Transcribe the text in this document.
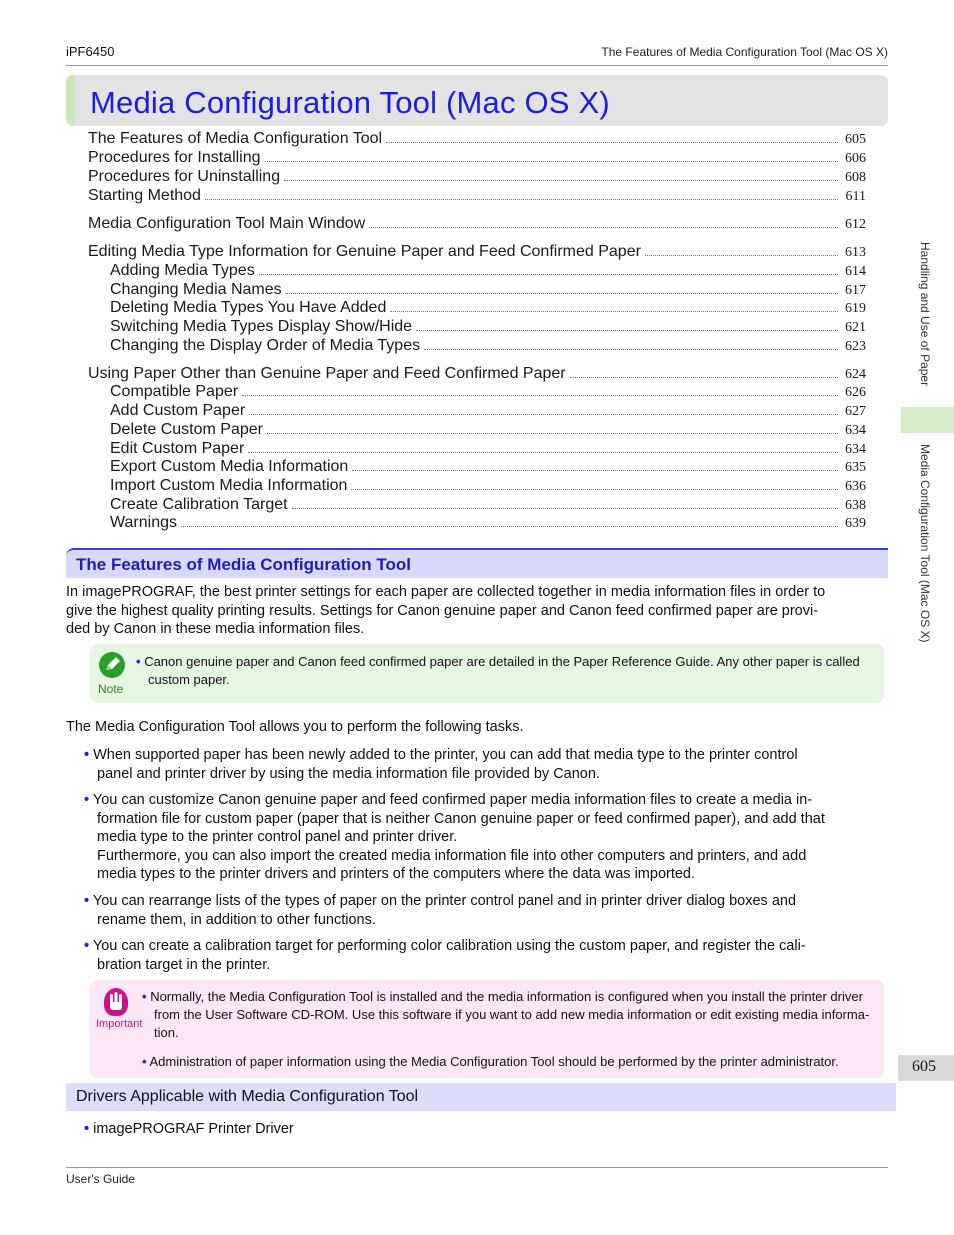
iPF6450	The Features of Media Configuration Tool (Mac OS X)
Media Configuration Tool (Mac OS X)
The Features of Media Configuration Tool	605
Procedures for Installing	606
Procedures for Uninstalling	608
Starting Method	611
Media Configuration Tool Main Window	612
Editing Media Type Information for Genuine Paper and Feed Confirmed Paper	613
Adding Media Types	614
Changing Media Names	617
Deleting Media Types You Have Added	619
Switching Media Types Display Show/Hide	621
Changing the Display Order of Media Types	623
Using Paper Other than Genuine Paper and Feed Confirmed Paper	624
Compatible Paper	626
Add Custom Paper	627
Delete Custom Paper	634
Edit Custom Paper	634
Export Custom Media Information	635
Import Custom Media Information	636
Create Calibration Target	638
Warnings	639
The Features of Media Configuration Tool
In imagePROGRAF, the best printer settings for each paper are collected together in media information files in order to
give the highest quality printing results. Settings for Canon genuine paper and Canon feed confirmed paper are provi-
ded by Canon in these media information files.
Note
• Canon genuine paper and Canon feed confirmed paper are detailed in the Paper Reference Guide. Any other paper is called
custom paper.
The Media Configuration Tool allows you to perform the following tasks.
• When supported paper has been newly added to the printer, you can add that media type to the printer control
panel and printer driver by using the media information file provided by Canon.
• You can customize Canon genuine paper and feed confirmed paper media information files to create a media in-
formation file for custom paper (paper that is neither Canon genuine paper or feed confirmed paper), and add that
media type to the printer control panel and printer driver.
Furthermore, you can also import the created media information file into other computers and printers, and add
media types to the printer drivers and printers of the computers where the data was imported.
• You can rearrange lists of the types of paper on the printer control panel and in printer driver dialog boxes and
rename them, in addition to other functions.
• You can create a calibration target for performing color calibration using the custom paper, and register the cali-
bration target in the printer.
Important
• Normally, the Media Configuration Tool is installed and the media information is configured when you install the printer driver
from the User Software CD-ROM. Use this software if you want to add new media information or edit existing media informa-
tion.
• Administration of paper information using the Media Configuration Tool should be performed by the printer administrator.
Drivers Applicable with Media Configuration Tool
• imagePROGRAF Printer Driver
Handling and Use of Paper
Media Configuration Tool (Mac OS X)
605
User's Guide
